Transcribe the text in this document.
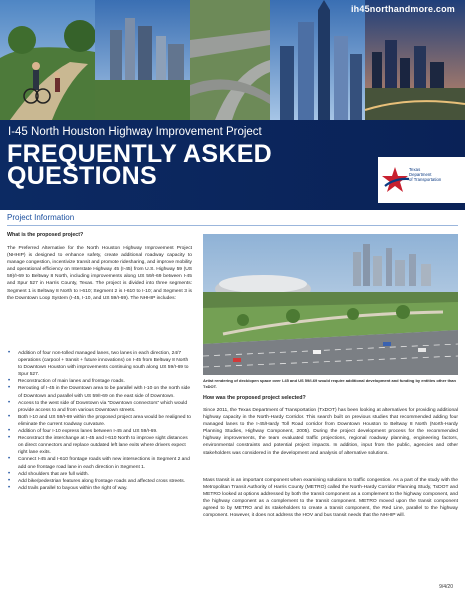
ih45northandmore.com
I-45 North Houston Highway Improvement Project
FREQUENTLY ASKED
QUESTIONS	Texas
Department
of Transportation
Project Information
What is the proposed project?
The Preferred Alternative for the North Houston Highway Improvement Project (NHHIP) is designed to enhance safety, create additional roadway capacity to manage congestion, incentivize transit and promote ridesharing, and improve mobility and operational efficiency on Interstate Highway 45 (I-45) from U.S. Highway 59 (US 59)/I-69 to Beltway 8 North, including improvements along US 59/I-69 between I-45 and Spur 527 in Harris County, Texas. The project is divided into three segments: Segment 1 is Beltway 8 North to I-610; Segment 2 is I-610 to I-10; and Segment 3 is the Downtown Loop System (I-45, I-10, and US 59/I-69). The NHHIP includes:
• Addition of four non-tolled managed lanes, two lanes in each direction, 24/7 operations (carpool + transit + future innovations) on I-45 from Beltway 8 North to Downtown Houston with improvements continuing south along US 59/I-69 to Spur 527.
• Reconstruction of main lanes and frontage roads.
• Rerouting of I-45 in the Downtown area to be parallel with I-10 on the north side of Downtown and parallel with US 59/I-69 on the east side of Downtown.
• Access to the west side of Downtown via “Downtown connectors” which would provide access to and from various Downtown streets.
• Both I-10 and US 59/I-69 within the proposed project area would be realigned to eliminate the current roadway curvature.
• Addition of four I-10 express lanes between I-45 and US 59/I-69.
• Reconstruct the interchange at I-45 and I-610 North to improve sight distances on direct connectors and replace outdated left lane exits where drivers expect right lane exits.
• Connect I-45 and I-610 frontage roads with new intersections in Segment 2 and add one frontage road lane in each direction in Segment 1.
• Add shoulders that are full width.
• Add bike/pedestrian features along frontage roads and affected cross streets.
• Add trails parallel to bayous within the right of way.
Artist rendering of deck/open space over I-45 and US 59/I-69 would require additional development and funding by entities other than TxDOT.
How was the proposed project selected?
Since 2011, the Texas Department of Transportation (TxDOT) has been looking at alternatives for providing additional highway capacity in the North-Hardy Corridor. This search built on previous studies that recommended adding four managed lanes to the I-45/Hardy Toll Road corridor from Downtown Houston to Beltway 8 North (North-Hardy Planning Studies, Highway Component, 2005). During the project development process for the recommended highway improvements, the team evaluated traffic projections, regional roadway planning, engineering factors, environmental constraints and potential project impacts. In addition, input from the public, agencies and other stakeholders was considered in the development and analysis of alternative solutions.
Mass transit is an important component when examining solutions to traffic congestion. As a part of the study with the Metropolitan Transit Authority of Harris County (METRO) called the North-Hardy Corridor Planning Study, TxDOT and METRO looked at options addressed by both the transit component as a complement to the highway component, and the highway component as a complement to the transit component. METRO moved upon the transit component agreed to by METRO and its stakeholders to create a transit component, the Red Line, parallel to the highway component. However, it does not address the HOV and bus transit needs that the NHHIP will.
9/4/20
